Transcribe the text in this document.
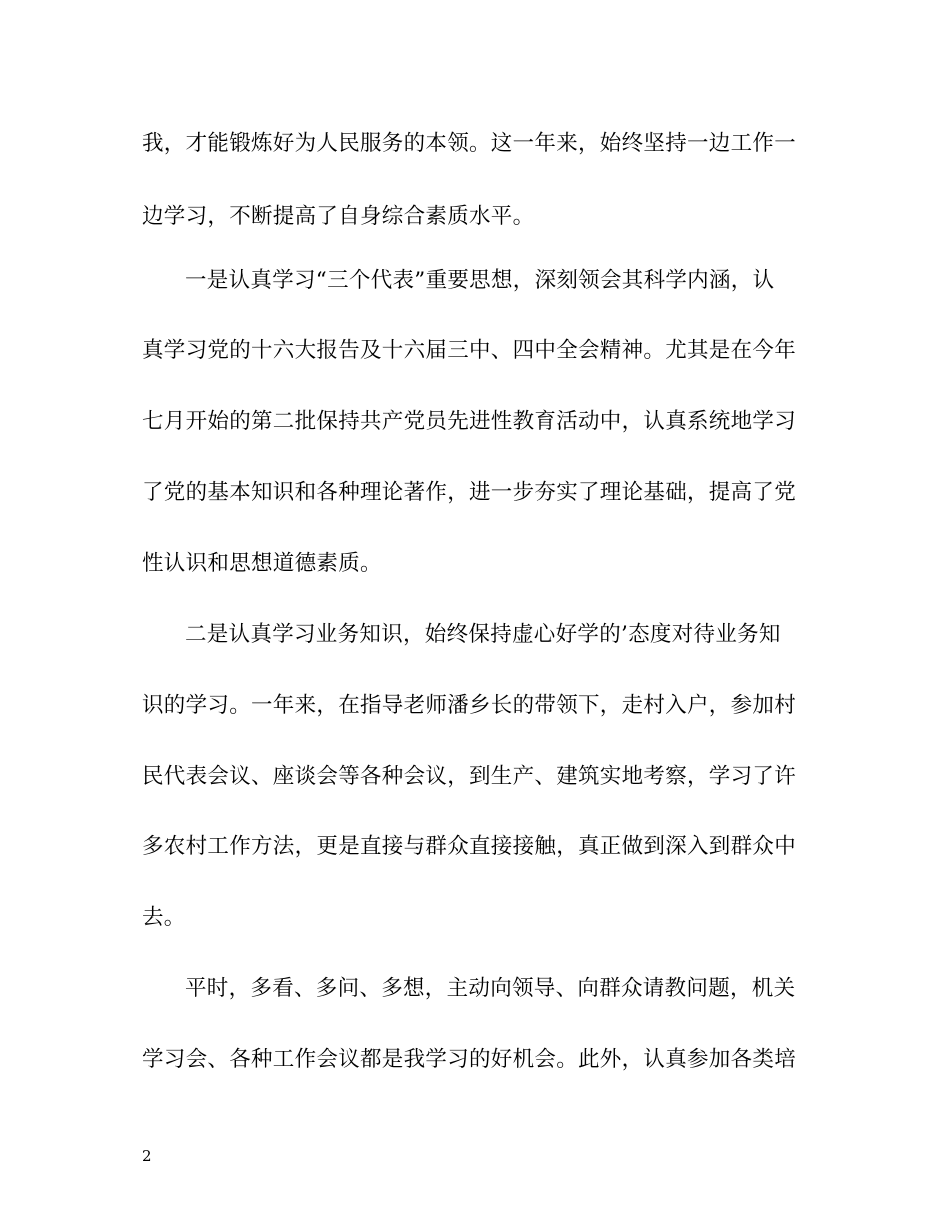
我，才能锻炼好为人民服务的本领。这一年来，始终坚持一边工作一
边学习，不断提高了自身综合素质水平。
一是认真学习“三个代表”重要思想，深刻领会其科学内涵，认
真学习党的十六大报告及十六届三中、四中全会精神。尤其是在今年
七月开始的第二批保持共产党员先进性教育活动中，认真系统地学习
了党的基本知识和各种理论著作，进一步夯实了理论基础，提高了党
性认识和思想道德素质。
二是认真学习业务知识，始终保持虚心好学的’态度对待业务知
识的学习。一年来，在指导老师潘乡长的带领下，走村入户，参加村
民代表会议、座谈会等各种会议，到生产、建筑实地考察，学习了许
多农村工作方法，更是直接与群众直接接触，真正做到深入到群众中
去。
平时，多看、多问、多想，主动向领导、向群众请教问题，机关
学习会、各种工作会议都是我学习的好机会。此外，认真参加各类培
2
